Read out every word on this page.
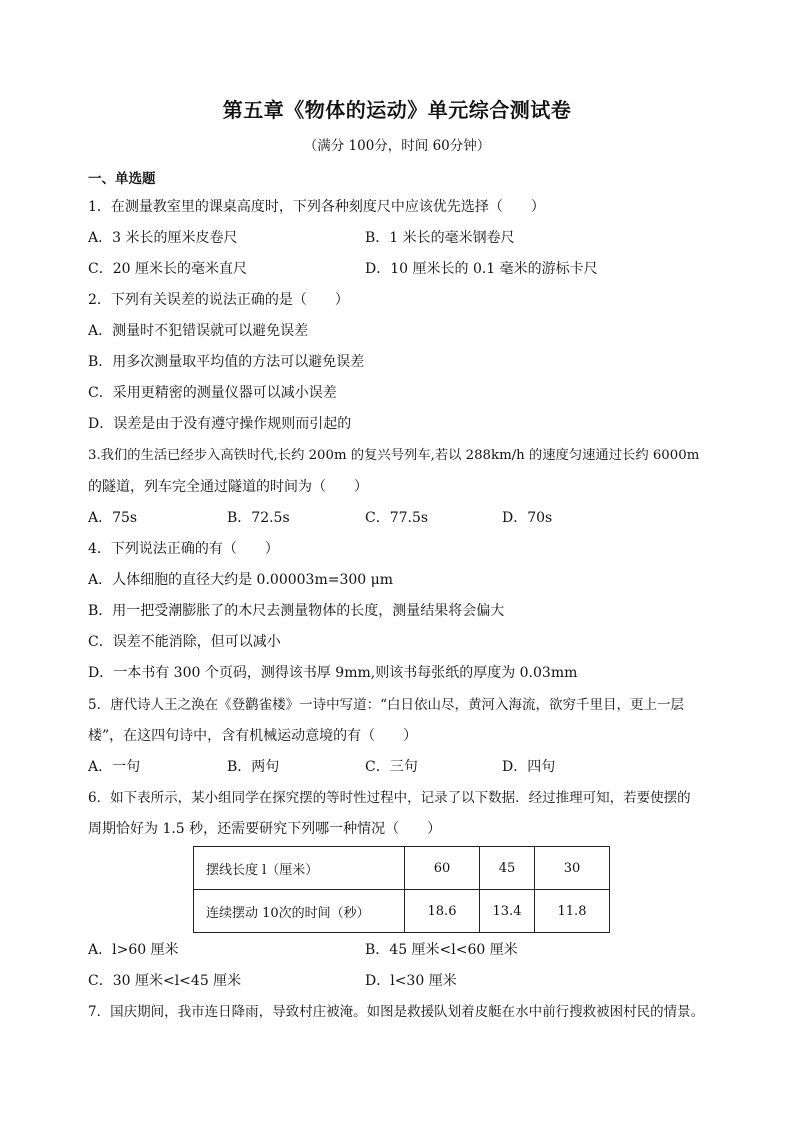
第五章《物体的运动》单元综合测试卷
（满分 100分，时间 60分钟）
一、单选题
1．在测量教室里的课桌高度时，下列各种刻度尺中应该优先选择（　　）
A．3 米长的厘米皮卷尺	B．1 米长的毫米钢卷尺
C．20 厘米长的毫米直尺	D．10 厘米长的 0.1 毫米的游标卡尺
2．下列有关误差的说法正确的是（　　）
A．测量时不犯错误就可以避免误差
B．用多次测量取平均值的方法可以避免误差
C．采用更精密的测量仪器可以减小误差
D．误差是由于没有遵守操作规则而引起的
3.我们的生活已经步入高铁时代,长约 200m 的复兴号列车,若以 288km/h 的速度匀速通过长约 6000m
的隧道，列车完全通过隧道的时间为（　　）
A．75s	B．72.5s	C．77.5s	D．70s
4．下列说法正确的有（　　）
A．人体细胞的直径大约是 0.00003m=300 μm
B．用一把受潮膨胀了的木尺去测量物体的长度，测量结果将会偏大
C．误差不能消除，但可以减小
D．一本书有 300 个页码，测得该书厚 9mm,则该书每张纸的厚度为 0.03mm
5．唐代诗人王之涣在《登鹳雀楼》一诗中写道：“白日依山尽，黄河入海流，欲穷千里目，更上一层
楼”，在这四句诗中，含有机械运动意境的有（　　）
A．一句	B．两句	C．三句	D．四句
6．如下表所示，某小组同学在探究摆的等时性过程中，记录了以下数据．经过推理可知，若要使摆的
周期恰好为 1.5 秒，还需要研究下列哪一种情况（　　）
摆线长度 l（厘米）	60	45	30
连续摆动 10次的时间（秒）	18.6	13.4	11.8
A．l>60 厘米	B．45 厘米<l<60 厘米
C．30 厘米<l<45 厘米	D．l<30 厘米
7．国庆期间，我市连日降雨，导致村庄被淹。如图是救援队划着皮艇在水中前行搜救被困村民的情景。
